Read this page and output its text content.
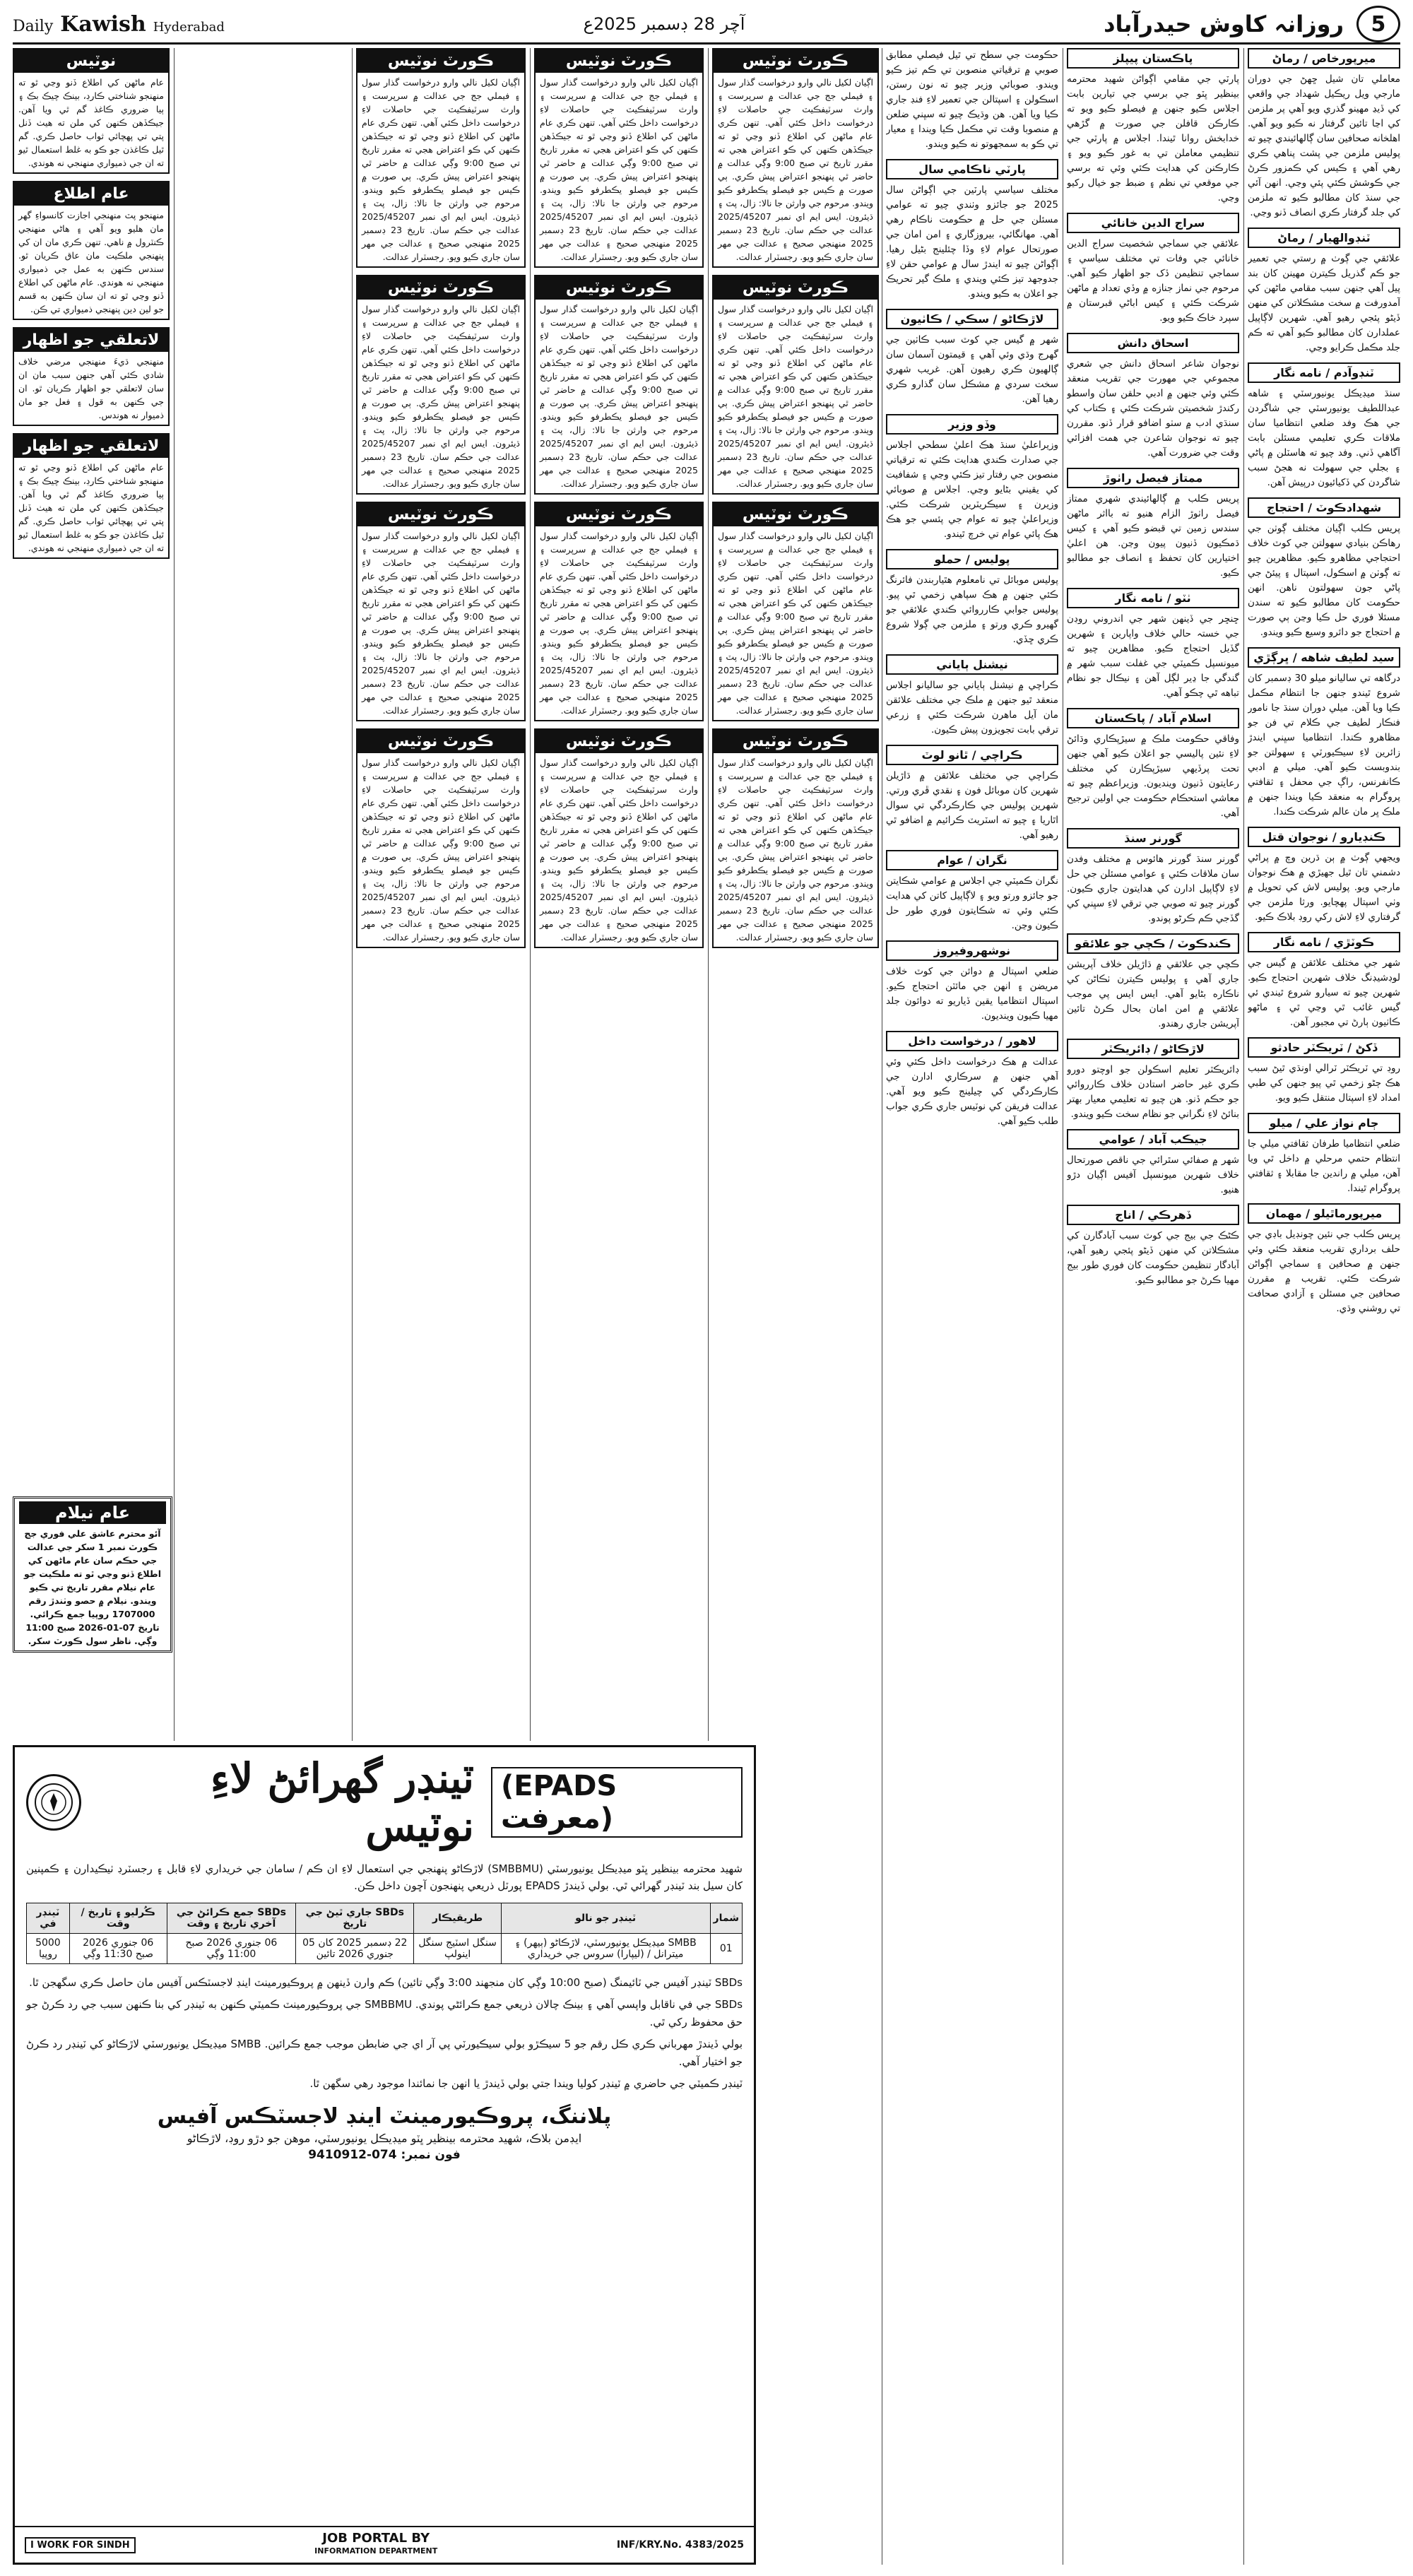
Daily Kawish Hyderabad	آچر 28 ڊسمبر 2025ع	5
روزانہ کاوش حيدرآباد
ميرپورخاص / رماڻ
معاملي تان شيل ڇهڻ جي دوران مارجي ويل ريڪيل شهداد جي واقعي کي ڏيڍ مهينو گذري ويو آهي پر ملزمن کي اڃا تائين گرفتار نه ڪيو ويو آهي. اهلخانه صحافين سان ڳالهائيندي چيو ته پوليس ملزمن جي پشت پناهي ڪري رهي آهي ۽ ڪيس کي ڪمزور ڪرڻ جي ڪوشش ڪئي پئي وڃي. انهن آئي جي سنڌ کان مطالبو ڪيو ته ملزمن کي جلد گرفتار ڪري انصاف ڏنو وڃي.
ٽنڊوالهيار / رماڻ
علائقي جي ڳوٺ ۾ رستي جي تعمير جو ڪم گذريل ڪيترن مهينن کان بند پيل آهي جنهن سبب مقامي ماڻهن کي آمدورفت ۾ سخت مشڪلاتن کي منهن ڏيڻو پئجي رهيو آهي. شهرين لاڳاپيل عملدارن کان مطالبو ڪيو آهي ته ڪم جلد مڪمل ڪرايو وڃي.
ٽنڊوآدم / نامه نگار
سنڌ ميڊيڪل يونيورسٽي ۽ شاهه عبداللطيف يونيورسٽي جي شاگردن جي هڪ وفد ضلعي انتظاميا سان ملاقات ڪري تعليمي مسئلن بابت آگاهي ڏني. وفد چيو ته هاسٽلن ۾ پاڻي ۽ بجلي جي سهولت نه هجڻ سبب شاگردن کي ڏکيائيون درپيش آهن.
شهدادڪوٽ / احتجاج
پريس ڪلب اڳيان مختلف ڳوٺن جي رهاڪن بنيادي سهولتن جي کوٽ خلاف احتجاجي مظاهرو ڪيو. مظاهرين چيو ته ڳوٺن ۾ اسڪول، اسپتال ۽ پيئڻ جي پاڻي جون سهولتون ناهن. انهن حڪومت کان مطالبو ڪيو ته سندن مسئلا فوري حل ڪيا وڃن ٻي صورت ۾ احتجاج جو دائرو وسيع ڪيو ويندو.
سيد لطيف شاهه / ڀرڳڙي
درگاهه تي ساليانو ميلو 30 ڊسمبر کان شروع ٿيندو جنهن جا انتظام مڪمل ڪيا ويا آهن. ميلي دوران سنڌ جا نامور فنڪار لطيف جي ڪلام تي فن جو مظاهرو ڪندا. انتظاميا سڀني ايندڙ زائرين لاءِ سيڪيورٽي ۽ سهولتن جو بندوبست ڪيو آهي. ميلي ۾ ادبي ڪانفرنس، راڳ جي محفل ۽ ثقافتي پروگرام به منعقد ڪيا ويندا جنهن ۾ ملڪ ڀر مان عالم شرڪت ڪندا.
ڪنڊيارو / نوجوان قتل
ويجهي ڳوٺ ۾ ٻن ڌرين وچ ۾ پراڻي دشمني تان ٿيل جهيڙي ۾ هڪ نوجوان مارجي ويو. پوليس لاش کي تحويل ۾ وٺي اسپتال پهچايو. ورثا ملزمن جي گرفتاري لاءِ لاش رکي روڊ بلاڪ ڪيو.
ڪوٽڙي / نامه نگار
شهر جي مختلف علائقن ۾ گيس جي لوڊشيڊنگ خلاف شهرين احتجاج ڪيو. شهرين چيو ته سيارو شروع ٿيندي ئي گيس غائب ٿي وڃي ٿي ۽ ماڻهو ڪاٺيون ٻارڻ تي مجبور آهن.
ڏکڻ / ٽريڪٽر حادثو
روڊ تي ٽريڪٽر ٽرالي اونڌي ٿيڻ سبب هڪ ڄڻو زخمي ٿي پيو جنهن کي طبي امداد لاءِ اسپتال منتقل ڪيو ويو.
ڄام نواز علي / ميلو
ضلعي انتظاميا طرفان ثقافتي ميلي جا انتظام حتمي مرحلي ۾ داخل ٿي ويا آهن، ميلي ۾ راندين جا مقابلا ۽ ثقافتي پروگرام ٿيندا.
ميرپورماٿيلو / مهمان
پريس ڪلب جي نئين چونڊيل باڊي جي حلف برداري تقريب منعقد ڪئي وئي جنهن ۾ صحافين ۽ سماجي اڳواڻن شرڪت ڪئي. تقريب ۾ مقررن صحافين جي مسئلن ۽ آزادي صحافت تي روشني وڌي.
پاڪستان پيپلز
پارٽي جي مقامي اڳواڻن شهيد محترمه بينظير ڀٽو جي برسي جي تيارين بابت اجلاس ڪيو جنهن ۾ فيصلو ڪيو ويو ته ڪارڪن قافلن جي صورت ۾ گڙهي خدابخش روانا ٿيندا. اجلاس ۾ پارٽي جي تنظيمي معاملن تي به غور ڪيو ويو ۽ ڪارڪنن کي هدايت ڪئي وئي ته برسي جي موقعي تي نظم ۽ ضبط جو خيال رکيو وڃي.
سراج الدين خانائي
علائقي جي سماجي شخصيت سراج الدين خانائي جي وفات تي مختلف سياسي ۽ سماجي تنظيمن ڏک جو اظهار ڪيو آهي. مرحوم جي نماز جنازه ۾ وڏي تعداد ۾ ماڻهن شرڪت ڪئي ۽ کيس اباڻي قبرستان ۾ سپرد خاڪ ڪيو ويو.
اسحاق دانش
نوجوان شاعر اسحاق دانش جي شعري مجموعي جي مهورت جي تقريب منعقد ڪئي وئي جنهن ۾ ادبي حلقن سان واسطو رکندڙ شخصيتن شرڪت ڪئي ۽ ڪتاب کي سنڌي ادب ۾ سٺو اضافو قرار ڏنو. مقررن چيو ته نوجوان شاعرن جي همت افزائي وقت جي ضرورت آهي.
ممتاز فيصل راٺوڙ
پريس ڪلب ۾ ڳالهائيندي شهري ممتاز فيصل راٺوڙ الزام هنيو ته بااثر ماڻهن سندس زمين تي قبضو ڪيو آهي ۽ کيس ڌمڪيون ڏنيون پيون وڃن. هن اعليٰ اختيارين کان تحفظ ۽ انصاف جو مطالبو ڪيو.
ٺٽو / نامه نگار
ڇنڇر جي ڏينهن شهر جي اندروني روڊن جي خستہ حالي خلاف واپارين ۽ شهرين گڏيل احتجاج ڪيو. مظاهرين چيو ته ميونسپل ڪميٽي جي غفلت سبب شهر ۾ گندگي جا ڍير لڳل آهن ۽ نيڪال جو نظام تباهه ٿي چڪو آهي.
اسلام آباد / پاڪستان
وفاقي حڪومت ملڪ ۾ سيڙپڪاري وڌائڻ لاءِ نئين پاليسي جو اعلان ڪيو آهي جنهن تحت پرڏيهي سيڙپڪارن کي مختلف رعايتون ڏنيون وينديون. وزيراعظم چيو ته معاشي استحڪام حڪومت جي اولين ترجيح آهي.
گورنر سنڌ
گورنر سنڌ گورنر هائوس ۾ مختلف وفدن سان ملاقات ڪئي ۽ عوامي مسئلن جي حل لاءِ لاڳاپيل ادارن کي هدايتون جاري ڪيون. گورنر چيو ته صوبي جي ترقي لاءِ سڀني کي گڏجي ڪم ڪرڻو پوندو.
ڪندڪوٽ / ڪچي جو علائقو
ڪچي جي علائقي ۾ ڌاڙيلن خلاف آپريشن جاري آهي ۽ پوليس ڪيترن ٺڪاڻن کي ناڪاره بڻايو آهي. ايس ايس پي موجب علائقي ۾ امن امان بحال ڪرڻ تائين آپريشن جاري رهندو.
لاڙڪاڻو / ڊائريڪٽر
ڊائريڪٽر تعليم اسڪولن جو اوچتو دورو ڪري غير حاضر استادن خلاف ڪارروائي جو حڪم ڏنو. هن چيو ته تعليمي معيار بهتر بنائڻ لاءِ نگراني جو نظام سخت ڪيو ويندو.
جيڪب آباد / عوامي
شهر ۾ صفائي سٿرائي جي ناقص صورتحال خلاف شهرين ميونسپل آفيس اڳيان دڙو هنيو.
ڏهرڪي / اناج
ڪڻڪ جي بيج جي کوٽ سبب آبادگارن کي مشڪلاتن کي منهن ڏيڻو پئجي رهيو آهي، آبادگار تنظيمن حڪومت کان فوري طور بيج مهيا ڪرڻ جو مطالبو ڪيو.
حڪومت جي سطح تي ٿيل فيصلي مطابق صوبي ۾ ترقياتي منصوبن تي ڪم تيز ڪيو ويندو. صوبائي وزير چيو ته نون رستن، اسڪولن ۽ اسپتالن جي تعمير لاءِ فنڊ جاري ڪيا ويا آهن. هن وڌيڪ چيو ته سڀني ضلعن ۾ منصوبا وقت تي مڪمل ڪيا ويندا ۽ معيار تي ڪو به سمجهوتو نه ڪيو ويندو.
پارٽي ناڪامي سال
مختلف سياسي پارٽين جي اڳواڻن سال 2025 جو جائزو وٺندي چيو ته عوامي مسئلن جي حل ۾ حڪومت ناڪام رهي آهي. مهانگائي، بيروزگاري ۽ امن امان جي صورتحال عوام لاءِ وڏا چئلينج بڻيل رهيا. اڳواڻن چيو ته ايندڙ سال ۾ عوامي حقن لاءِ جدوجهد تيز ڪئي ويندي ۽ ملڪ گير تحريڪ جو اعلان به ڪيو ويندو.
لاڙڪاڻو / سڪي / ڪاٺيون
شهر ۾ گيس جي کوٽ سبب ڪاٺين جي گهرج وڌي وئي آهي ۽ قيمتون آسمان سان ڳالهيون ڪري رهيون آهن. غريب شهري سخت سردي ۾ مشڪل سان گذارو ڪري رهيا آهن.
وڏو وزير
وزيراعليٰ سنڌ هڪ اعليٰ سطحي اجلاس جي صدارت ڪندي هدايت ڪئي ته ترقياتي منصوبن جي رفتار تيز ڪئي وڃي ۽ شفافيت کي يقيني بڻايو وڃي. اجلاس ۾ صوبائي وزيرن ۽ سيڪريٽرين شرڪت ڪئي. وزيراعليٰ چيو ته عوام جي پئسي جو هڪ هڪ پائي عوام تي خرچ ٿيندو.
پوليس / حملو
پوليس موبائل تي نامعلوم هٿياربندن فائرنگ ڪئي جنهن ۾ هڪ سپاهي زخمي ٿي پيو. پوليس جوابي ڪارروائي ڪندي علائقي جو گهيرو ڪري ورتو ۽ ملزمن جي ڳولا شروع ڪري ڇڏي.
نيشنل ٻاياني
ڪراچي ۾ نيشنل ٻاياني جو ساليانو اجلاس منعقد ٿيو جنهن ۾ ملڪ جي مختلف علائقن مان آيل ماهرن شرڪت ڪئي ۽ زرعي ترقي بابت تجويزون پيش ڪيون.
ڪراچي / ٿانو لوٽ
ڪراچي جي مختلف علائقن ۾ ڌاڙيلن شهرين کان موبائل فون ۽ نقدي ڦري ورتي. شهرين پوليس جي ڪارڪردگي تي سوال اٿاريا ۽ چيو ته اسٽريٽ ڪرائيم ۾ اضافو ٿي رهيو آهي.
نگران / عوام
نگران ڪميٽي جي اجلاس ۾ عوامي شڪايتن جو جائزو ورتو ويو ۽ لاڳاپيل کاتن کي هدايت ڪئي وئي ته شڪايتون فوري طور حل ڪيون وڃن.
نوشهروفيروز
ضلعي اسپتال ۾ دوائن جي کوٽ خلاف مريضن ۽ انهن جي مائٽن احتجاج ڪيو. اسپتال انتظاميا يقين ڏياريو ته دوائون جلد مهيا ڪيون وينديون.
لاهور / درخواست داخل
عدالت ۾ هڪ درخواست داخل ڪئي وئي آهي جنهن ۾ سرڪاري ادارن جي ڪارڪردگي کي چيلينج ڪيو ويو آهي. عدالت فريقن کي نوٽيس جاري ڪري جواب طلب ڪيو آهي.
ڪورٽ نوٽيس
اڳيان لکيل نالي وارو درخواست گذار سول ۽ فيملي جج جي عدالت ۾ سرپرست ۽ وارث سرٽيفڪيٽ جي حاصلات لاءِ درخواست داخل ڪئي آهي. تنهن ڪري عام ماڻهن کي اطلاع ڏنو وڃي ٿو ته جيڪڏهن ڪنهن کي ڪو اعتراض هجي ته مقرر تاريخ تي صبح 9:00 وڳي عدالت ۾ حاضر ٿي پنهنجو اعتراض پيش ڪري. ٻي صورت ۾ ڪيس جو فيصلو يڪطرفو ڪيو ويندو. مرحوم جي وارثن جا نالا: زال، پٽ ۽ ڌيئرون. ايس ايم اي نمبر 2025/45207 عدالت جي حڪم سان. تاريخ 23 ڊسمبر 2025 منهنجي صحيح ۽ عدالت جي مهر سان جاري ڪيو ويو. رجسٽرار عدالت.
ڪورٽ نوٽيس
اڳيان لکيل نالي وارو درخواست گذار سول ۽ فيملي جج جي عدالت ۾ سرپرست ۽ وارث سرٽيفڪيٽ جي حاصلات لاءِ درخواست داخل ڪئي آهي. تنهن ڪري عام ماڻهن کي اطلاع ڏنو وڃي ٿو ته جيڪڏهن ڪنهن کي ڪو اعتراض هجي ته مقرر تاريخ تي صبح 9:00 وڳي عدالت ۾ حاضر ٿي پنهنجو اعتراض پيش ڪري. ٻي صورت ۾ ڪيس جو فيصلو يڪطرفو ڪيو ويندو. مرحوم جي وارثن جا نالا: زال، پٽ ۽ ڌيئرون. ايس ايم اي نمبر 2025/45207 عدالت جي حڪم سان. تاريخ 23 ڊسمبر 2025 منهنجي صحيح ۽ عدالت جي مهر سان جاري ڪيو ويو. رجسٽرار عدالت.
ڪورٽ نوٽيس
اڳيان لکيل نالي وارو درخواست گذار سول ۽ فيملي جج جي عدالت ۾ سرپرست ۽ وارث سرٽيفڪيٽ جي حاصلات لاءِ درخواست داخل ڪئي آهي. تنهن ڪري عام ماڻهن کي اطلاع ڏنو وڃي ٿو ته جيڪڏهن ڪنهن کي ڪو اعتراض هجي ته مقرر تاريخ تي صبح 9:00 وڳي عدالت ۾ حاضر ٿي پنهنجو اعتراض پيش ڪري. ٻي صورت ۾ ڪيس جو فيصلو يڪطرفو ڪيو ويندو. مرحوم جي وارثن جا نالا: زال، پٽ ۽ ڌيئرون. ايس ايم اي نمبر 2025/45207 عدالت جي حڪم سان. تاريخ 23 ڊسمبر 2025 منهنجي صحيح ۽ عدالت جي مهر سان جاري ڪيو ويو. رجسٽرار عدالت.
ڪورٽ نوٽيس
اڳيان لکيل نالي وارو درخواست گذار سول ۽ فيملي جج جي عدالت ۾ سرپرست ۽ وارث سرٽيفڪيٽ جي حاصلات لاءِ درخواست داخل ڪئي آهي. تنهن ڪري عام ماڻهن کي اطلاع ڏنو وڃي ٿو ته جيڪڏهن ڪنهن کي ڪو اعتراض هجي ته مقرر تاريخ تي صبح 9:00 وڳي عدالت ۾ حاضر ٿي پنهنجو اعتراض پيش ڪري. ٻي صورت ۾ ڪيس جو فيصلو يڪطرفو ڪيو ويندو. مرحوم جي وارثن جا نالا: زال، پٽ ۽ ڌيئرون. ايس ايم اي نمبر 2025/45207 عدالت جي حڪم سان. تاريخ 23 ڊسمبر 2025 منهنجي صحيح ۽ عدالت جي مهر سان جاري ڪيو ويو. رجسٽرار عدالت.
ڪورٽ نوٽيس
اڳيان لکيل نالي وارو درخواست گذار سول ۽ فيملي جج جي عدالت ۾ سرپرست ۽ وارث سرٽيفڪيٽ جي حاصلات لاءِ درخواست داخل ڪئي آهي. تنهن ڪري عام ماڻهن کي اطلاع ڏنو وڃي ٿو ته جيڪڏهن ڪنهن کي ڪو اعتراض هجي ته مقرر تاريخ تي صبح 9:00 وڳي عدالت ۾ حاضر ٿي پنهنجو اعتراض پيش ڪري. ٻي صورت ۾ ڪيس جو فيصلو يڪطرفو ڪيو ويندو. مرحوم جي وارثن جا نالا: زال، پٽ ۽ ڌيئرون. ايس ايم اي نمبر 2025/45207 عدالت جي حڪم سان. تاريخ 23 ڊسمبر 2025 منهنجي صحيح ۽ عدالت جي مهر سان جاري ڪيو ويو. رجسٽرار عدالت.
ڪورٽ نوٽيس
اڳيان لکيل نالي وارو درخواست گذار سول ۽ فيملي جج جي عدالت ۾ سرپرست ۽ وارث سرٽيفڪيٽ جي حاصلات لاءِ درخواست داخل ڪئي آهي. تنهن ڪري عام ماڻهن کي اطلاع ڏنو وڃي ٿو ته جيڪڏهن ڪنهن کي ڪو اعتراض هجي ته مقرر تاريخ تي صبح 9:00 وڳي عدالت ۾ حاضر ٿي پنهنجو اعتراض پيش ڪري. ٻي صورت ۾ ڪيس جو فيصلو يڪطرفو ڪيو ويندو. مرحوم جي وارثن جا نالا: زال، پٽ ۽ ڌيئرون. ايس ايم اي نمبر 2025/45207 عدالت جي حڪم سان. تاريخ 23 ڊسمبر 2025 منهنجي صحيح ۽ عدالت جي مهر سان جاري ڪيو ويو. رجسٽرار عدالت.
ڪورٽ نوٽيس
اڳيان لکيل نالي وارو درخواست گذار سول ۽ فيملي جج جي عدالت ۾ سرپرست ۽ وارث سرٽيفڪيٽ جي حاصلات لاءِ درخواست داخل ڪئي آهي. تنهن ڪري عام ماڻهن کي اطلاع ڏنو وڃي ٿو ته جيڪڏهن ڪنهن کي ڪو اعتراض هجي ته مقرر تاريخ تي صبح 9:00 وڳي عدالت ۾ حاضر ٿي پنهنجو اعتراض پيش ڪري. ٻي صورت ۾ ڪيس جو فيصلو يڪطرفو ڪيو ويندو. مرحوم جي وارثن جا نالا: زال، پٽ ۽ ڌيئرون. ايس ايم اي نمبر 2025/45207 عدالت جي حڪم سان. تاريخ 23 ڊسمبر 2025 منهنجي صحيح ۽ عدالت جي مهر سان جاري ڪيو ويو. رجسٽرار عدالت.
ڪورٽ نوٽيس
اڳيان لکيل نالي وارو درخواست گذار سول ۽ فيملي جج جي عدالت ۾ سرپرست ۽ وارث سرٽيفڪيٽ جي حاصلات لاءِ درخواست داخل ڪئي آهي. تنهن ڪري عام ماڻهن کي اطلاع ڏنو وڃي ٿو ته جيڪڏهن ڪنهن کي ڪو اعتراض هجي ته مقرر تاريخ تي صبح 9:00 وڳي عدالت ۾ حاضر ٿي پنهنجو اعتراض پيش ڪري. ٻي صورت ۾ ڪيس جو فيصلو يڪطرفو ڪيو ويندو. مرحوم جي وارثن جا نالا: زال، پٽ ۽ ڌيئرون. ايس ايم اي نمبر 2025/45207 عدالت جي حڪم سان. تاريخ 23 ڊسمبر 2025 منهنجي صحيح ۽ عدالت جي مهر سان جاري ڪيو ويو. رجسٽرار عدالت.
ڪورٽ نوٽيس
اڳيان لکيل نالي وارو درخواست گذار سول ۽ فيملي جج جي عدالت ۾ سرپرست ۽ وارث سرٽيفڪيٽ جي حاصلات لاءِ درخواست داخل ڪئي آهي. تنهن ڪري عام ماڻهن کي اطلاع ڏنو وڃي ٿو ته جيڪڏهن ڪنهن کي ڪو اعتراض هجي ته مقرر تاريخ تي صبح 9:00 وڳي عدالت ۾ حاضر ٿي پنهنجو اعتراض پيش ڪري. ٻي صورت ۾ ڪيس جو فيصلو يڪطرفو ڪيو ويندو. مرحوم جي وارثن جا نالا: زال، پٽ ۽ ڌيئرون. ايس ايم اي نمبر 2025/45207 عدالت جي حڪم سان. تاريخ 23 ڊسمبر 2025 منهنجي صحيح ۽ عدالت جي مهر سان جاري ڪيو ويو. رجسٽرار عدالت.
ڪورٽ نوٽيس
اڳيان لکيل نالي وارو درخواست گذار سول ۽ فيملي جج جي عدالت ۾ سرپرست ۽ وارث سرٽيفڪيٽ جي حاصلات لاءِ درخواست داخل ڪئي آهي. تنهن ڪري عام ماڻهن کي اطلاع ڏنو وڃي ٿو ته جيڪڏهن ڪنهن کي ڪو اعتراض هجي ته مقرر تاريخ تي صبح 9:00 وڳي عدالت ۾ حاضر ٿي پنهنجو اعتراض پيش ڪري. ٻي صورت ۾ ڪيس جو فيصلو يڪطرفو ڪيو ويندو. مرحوم جي وارثن جا نالا: زال، پٽ ۽ ڌيئرون. ايس ايم اي نمبر 2025/45207 عدالت جي حڪم سان. تاريخ 23 ڊسمبر 2025 منهنجي صحيح ۽ عدالت جي مهر سان جاري ڪيو ويو. رجسٽرار عدالت.
ڪورٽ نوٽيس
اڳيان لکيل نالي وارو درخواست گذار سول ۽ فيملي جج جي عدالت ۾ سرپرست ۽ وارث سرٽيفڪيٽ جي حاصلات لاءِ درخواست داخل ڪئي آهي. تنهن ڪري عام ماڻهن کي اطلاع ڏنو وڃي ٿو ته جيڪڏهن ڪنهن کي ڪو اعتراض هجي ته مقرر تاريخ تي صبح 9:00 وڳي عدالت ۾ حاضر ٿي پنهنجو اعتراض پيش ڪري. ٻي صورت ۾ ڪيس جو فيصلو يڪطرفو ڪيو ويندو. مرحوم جي وارثن جا نالا: زال، پٽ ۽ ڌيئرون. ايس ايم اي نمبر 2025/45207 عدالت جي حڪم سان. تاريخ 23 ڊسمبر 2025 منهنجي صحيح ۽ عدالت جي مهر سان جاري ڪيو ويو. رجسٽرار عدالت.
ڪورٽ نوٽيس
اڳيان لکيل نالي وارو درخواست گذار سول ۽ فيملي جج جي عدالت ۾ سرپرست ۽ وارث سرٽيفڪيٽ جي حاصلات لاءِ درخواست داخل ڪئي آهي. تنهن ڪري عام ماڻهن کي اطلاع ڏنو وڃي ٿو ته جيڪڏهن ڪنهن کي ڪو اعتراض هجي ته مقرر تاريخ تي صبح 9:00 وڳي عدالت ۾ حاضر ٿي پنهنجو اعتراض پيش ڪري. ٻي صورت ۾ ڪيس جو فيصلو يڪطرفو ڪيو ويندو. مرحوم جي وارثن جا نالا: زال، پٽ ۽ ڌيئرون. ايس ايم اي نمبر 2025/45207 عدالت جي حڪم سان. تاريخ 23 ڊسمبر 2025 منهنجي صحيح ۽ عدالت جي مهر سان جاري ڪيو ويو. رجسٽرار عدالت.
نوٽيس
عام ماڻهن کي اطلاع ڏنو وڃي ٿو ته منهنجو شناختي ڪارڊ، بينڪ چيڪ بڪ ۽ ٻيا ضروري ڪاغذ گم ٿي ويا آهن. جيڪڏهن ڪنهن کي ملن ته هيٺ ڏنل پتي تي پهچائي ثواب حاصل ڪري. گم ٿيل ڪاغذن جو ڪو به غلط استعمال ٿيو ته ان جي ذميواري منهنجي نه هوندي.
عام اطلاع
منهنجو پٽ منهنجي اجازت کانسواءِ گهر مان هليو ويو آهي ۽ هاڻي منهنجي ڪنٽرول ۾ ناهي. تنهن ڪري مان ان کي پنهنجي ملڪيت مان عاق ڪريان ٿو. سندس ڪنهن به عمل جي ذميواري منهنجي نه هوندي. عام ماڻهن کي اطلاع ڏنو وڃي ٿو ته ان سان ڪنهن به قسم جو لين دين پنهنجي ذميواري تي ڪن.
لاتعلقي جو اظهار
منهنجي ڌيءَ منهنجي مرضي خلاف شادي ڪئي آهي جنهن سبب مان ان سان لاتعلقي جو اظهار ڪريان ٿو. ان جي ڪنهن به قول ۽ فعل جو مان ذميوار نه هوندس.
لاتعلقي جو اظهار
عام ماڻهن کي اطلاع ڏنو وڃي ٿو ته منهنجو شناختي ڪارڊ، بينڪ چيڪ بڪ ۽ ٻيا ضروري ڪاغذ گم ٿي ويا آهن. جيڪڏهن ڪنهن کي ملن ته هيٺ ڏنل پتي تي پهچائي ثواب حاصل ڪري. گم ٿيل ڪاغذن جو ڪو به غلط استعمال ٿيو ته ان جي ذميواري منهنجي نه هوندي.
عام نيلام
آئو محترم عاشق علي فوري جج ڪورٽ نمبر 1 سکر جي عدالت جي حڪم سان عام ماڻهن کي اطلاع ڏنو وڃي ٿو ته ملڪيت جو عام نيلام مقرر تاريخ تي ڪيو ويندو. نيلام ۾ حصو وٺندڙ رقم 1707000 روپيا جمع ڪرائي. تاريخ 07-01-2026 صبح 11:00 وڳي. ناظر سول ڪورٽ سکر.
(EPADS معرفت)
ٽينڊر گهرائڻ لاءِ نوٽيس
شهيد محترمه بينظير ڀٽو ميڊيڪل يونيورسٽي (SMBBMU) لاڙڪاڻو پنهنجي جي استعمال لاءِ ان ڪم / سامان جي خريداري لاءِ قابل ۽ رجسٽرڊ ٺيڪيدارن ۽ ڪمپنين کان سيل بند ٽينڊر گهرائي ٿي. بولي ڏيندڙ EPADS پورٽل ذريعي پنهنجون آڇون داخل ڪن.
شمار	ٽينڊر جو نالو	طريقيڪار	SBDs جاري ٿيڻ جي تاريخ	SBDs جمع ڪرائڻ جي آخري تاريخ ۽ وقت	ڪُرليو ۽ تاريخ / وقت	ٽينڊر في
01	SMBB ميڊيڪل يونيورسٽي، لاڙڪاڻو (ٻيهر) ۽ ميترانل / (ليپارا) سروس جي خريداري	سنگل اسٽيج سنگل اينولپ	22 ڊسمبر 2025 کان 05 جنوري 2026 تائين	06 جنوري 2026 صبح 11:00 وڳي	06 جنوري 2026 صبح 11:30 وڳي	5000 روپيا

SBDs ٽينڊر آفيس جي ٽائيمنگ (صبح 10:00 وڳي کان منجهند 3:00 وڳي تائين) ڪم وارن ڏينهن ۾ پروڪيورمينٽ اينڊ لاجسٽڪس آفيس مان حاصل ڪري سگهجن ٿا.

SBDs جي في ناقابل واپسي آهي ۽ بينڪ چالان ذريعي جمع ڪرائڻي پوندي. SMBBMU جي پروڪيورمينٽ ڪميٽي ڪنهن به ٽينڊر کي بنا ڪنهن سبب جي رد ڪرڻ جو حق محفوظ رکي ٿي.

بولي ڏيندڙ مهرباني ڪري ڪل رقم جو 5 سيڪڙو بولي سيڪيورٽي پي آر اي جي ضابطن موجب جمع ڪرائين. SMBB ميڊيڪل يونيورسٽي لاڙڪاڻو کي ٽينڊر رد ڪرڻ جو اختيار آهي.

ٽينڊر ڪميٽي جي حاضري ۾ ٽينڊر کوليا ويندا جتي بولي ڏيندڙ يا انهن جا نمائندا موجود رهي سگهن ٿا.

پلاننگ، پروڪيورمينٽ اينڊ لاجسٽڪس آفيس
ايڊمن بلاڪ، شهيد محترمه بينظير ڀٽو ميڊيڪل يونيورسٽي، موهن جو دڙو روڊ، لاڙڪاڻو
فون نمبر: 074-9410912
I WORK FOR SINDH	JOB PORTAL BY
INFORMATION DEPARTMENT
INF/KRY.No. 4383/2025
